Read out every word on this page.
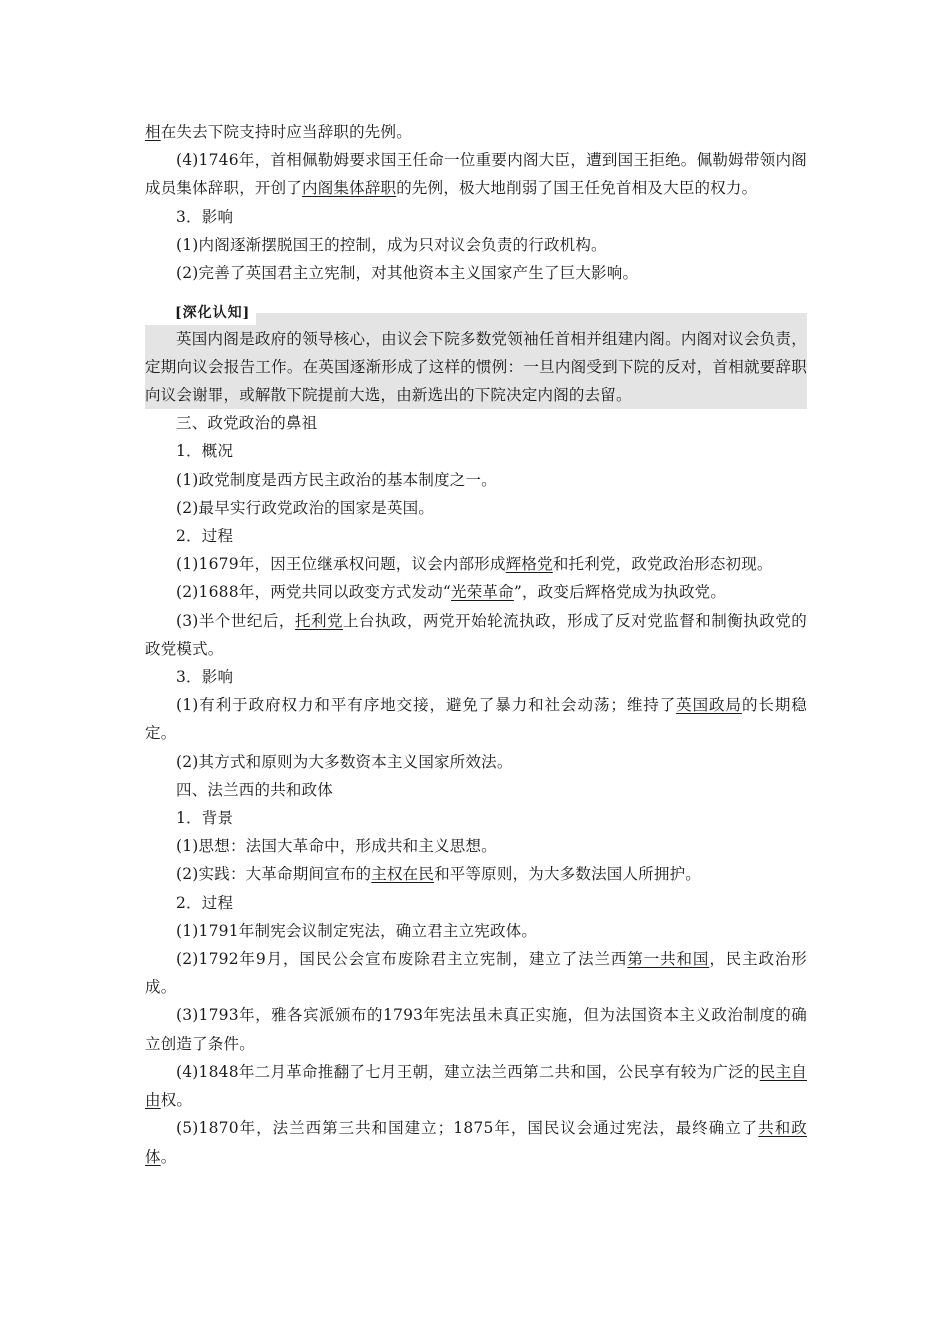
相在失去下院支持时应当辞职的先例。

(4)1746年，首相佩勒姆要求国王任命一位重要内阁大臣，遭到国王拒绝。佩勒姆带领内阁成员集体辞职，开创了内阁集体辞职的先例，极大地削弱了国王任免首相及大臣的权力。

3．影响

(1)内阁逐渐摆脱国王的控制，成为只对议会负责的行政机构。

(2)完善了英国君主立宪制，对其他资本主义国家产生了巨大影响。

[深化认知]

英国内阁是政府的领导核心，由议会下院多数党领袖任首相并组建内阁。内阁对议会负责，定期向议会报告工作。在英国逐渐形成了这样的惯例：一旦内阁受到下院的反对，首相就要辞职向议会谢罪，或解散下院提前大选，由新选出的下院决定内阁的去留。

三、政党政治的鼻祖

1．概况

(1)政党制度是西方民主政治的基本制度之一。

(2)最早实行政党政治的国家是英国。

2．过程

(1)1679年，因王位继承权问题，议会内部形成辉格党和托利党，政党政治形态初现。

(2)1688年，两党共同以政变方式发动“光荣革命”，政变后辉格党成为执政党。

(3)半个世纪后，托利党上台执政，两党开始轮流执政，形成了反对党监督和制衡执政党的政党模式。

3．影响

(1)有利于政府权力和平有序地交接，避免了暴力和社会动荡；维持了英国政局的长期稳定。

(2)其方式和原则为大多数资本主义国家所效法。

四、法兰西的共和政体

1．背景

(1)思想：法国大革命中，形成共和主义思想。

(2)实践：大革命期间宣布的主权在民和平等原则，为大多数法国人所拥护。

2．过程

(1)1791年制宪会议制定宪法，确立君主立宪政体。

(2)1792年9月，国民公会宣布废除君主立宪制，建立了法兰西第一共和国，民主政治形成。

(3)1793年，雅各宾派颁布的1793年宪法虽未真正实施，但为法国资本主义政治制度的确立创造了条件。

(4)1848年二月革命推翻了七月王朝，建立法兰西第二共和国，公民享有较为广泛的民主自由权。

(5)1870年，法兰西第三共和国建立；1875年，国民议会通过宪法，最终确立了共和政体。
